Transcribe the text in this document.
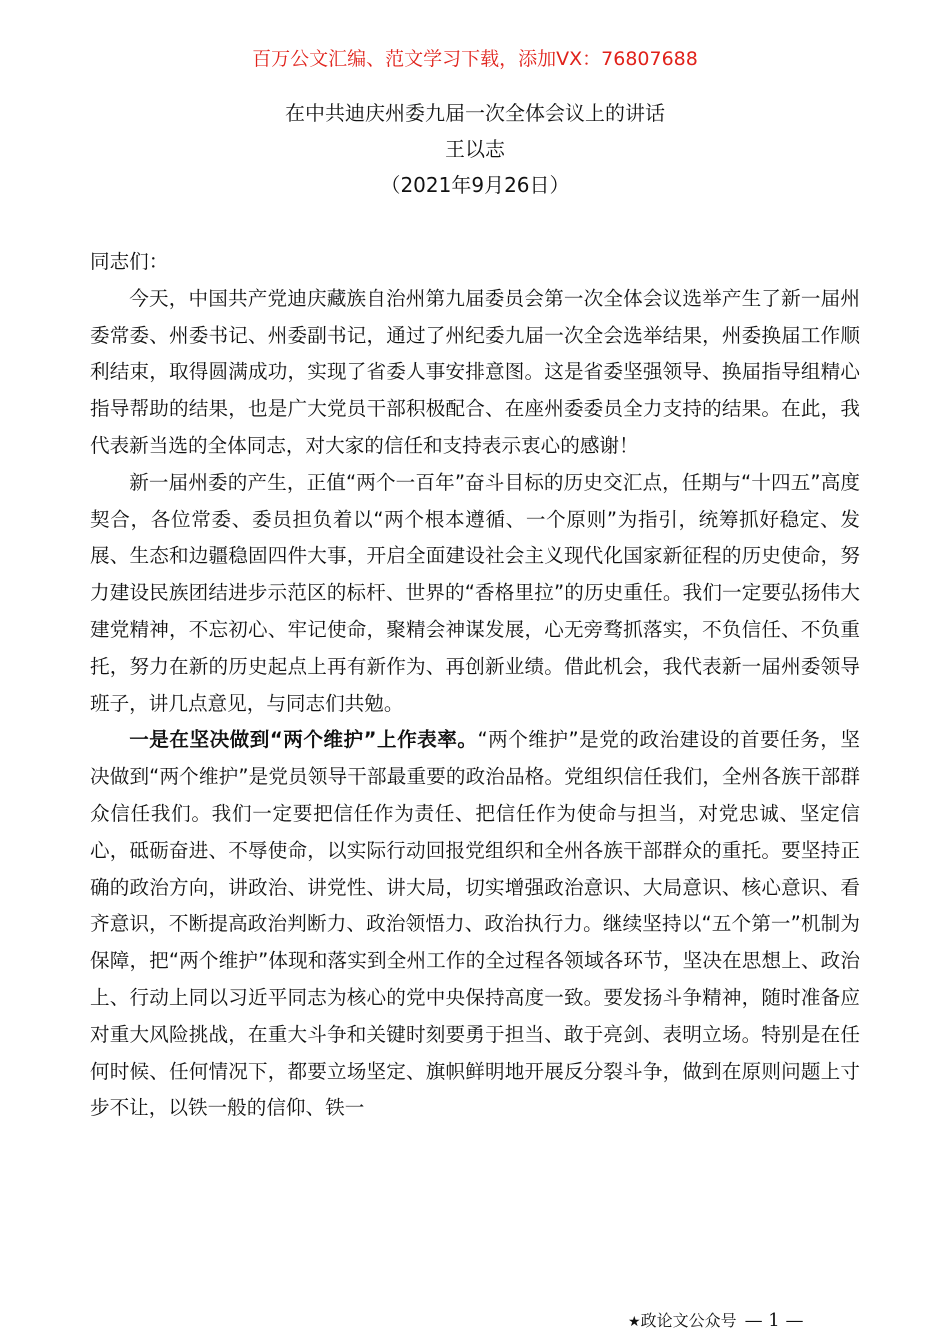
百万公文汇编、范文学习下载，添加VX：76807688
在中共迪庆州委九届一次全体会议上的讲话
王以志
（2021年9月26日）

同志们：

今天，中国共产党迪庆藏族自治州第九届委员会第一次全体会议选举产生了新一届州委常委、州委书记、州委副书记，通过了州纪委九届一次全会选举结果，州委换届工作顺利结束，取得圆满成功，实现了省委人事安排意图。这是省委坚强领导、换届指导组精心指导帮助的结果，也是广大党员干部积极配合、在座州委委员全力支持的结果。在此，我代表新当选的全体同志，对大家的信任和支持表示衷心的感谢！

新一届州委的产生，正值“两个一百年”奋斗目标的历史交汇点，任期与“十四五”高度契合，各位常委、委员担负着以“两个根本遵循、一个原则”为指引，统筹抓好稳定、发展、生态和边疆稳固四件大事，开启全面建设社会主义现代化国家新征程的历史使命，努力建设民族团结进步示范区的标杆、世界的“香格里拉”的历史重任。我们一定要弘扬伟大建党精神，不忘初心、牢记使命，聚精会神谋发展，心无旁骛抓落实，不负信任、不负重托，努力在新的历史起点上再有新作为、再创新业绩。借此机会，我代表新一届州委领导班子，讲几点意见，与同志们共勉。

一是在坚决做到“两个维护”上作表率。“两个维护”是党的政治建设的首要任务，坚决做到“两个维护”是党员领导干部最重要的政治品格。党组织信任我们，全州各族干部群众信任我们。我们一定要把信任作为责任、把信任作为使命与担当，对党忠诚、坚定信心，砥砺奋进、不辱使命，以实际行动回报党组织和全州各族干部群众的重托。要坚持正确的政治方向，讲政治、讲党性、讲大局，切实增强政治意识、大局意识、核心意识、看齐意识，不断提高政治判断力、政治领悟力、政治执行力。继续坚持以“五个第一”机制为保障，把“两个维护”体现和落实到全州工作的全过程各领域各环节，坚决在思想上、政治上、行动上同以习近平同志为核心的党中央保持高度一致。要发扬斗争精神，随时准备应对重大风险挑战，在重大斗争和关键时刻要勇于担当、敢于亮剑、表明立场。特别是在任何时候、任何情况下，都要立场坚定、旗帜鲜明地开展反分裂斗争，做到在原则问题上寸步不让，以铁一般的信仰、铁一

★政论文公众号 — 1 —
